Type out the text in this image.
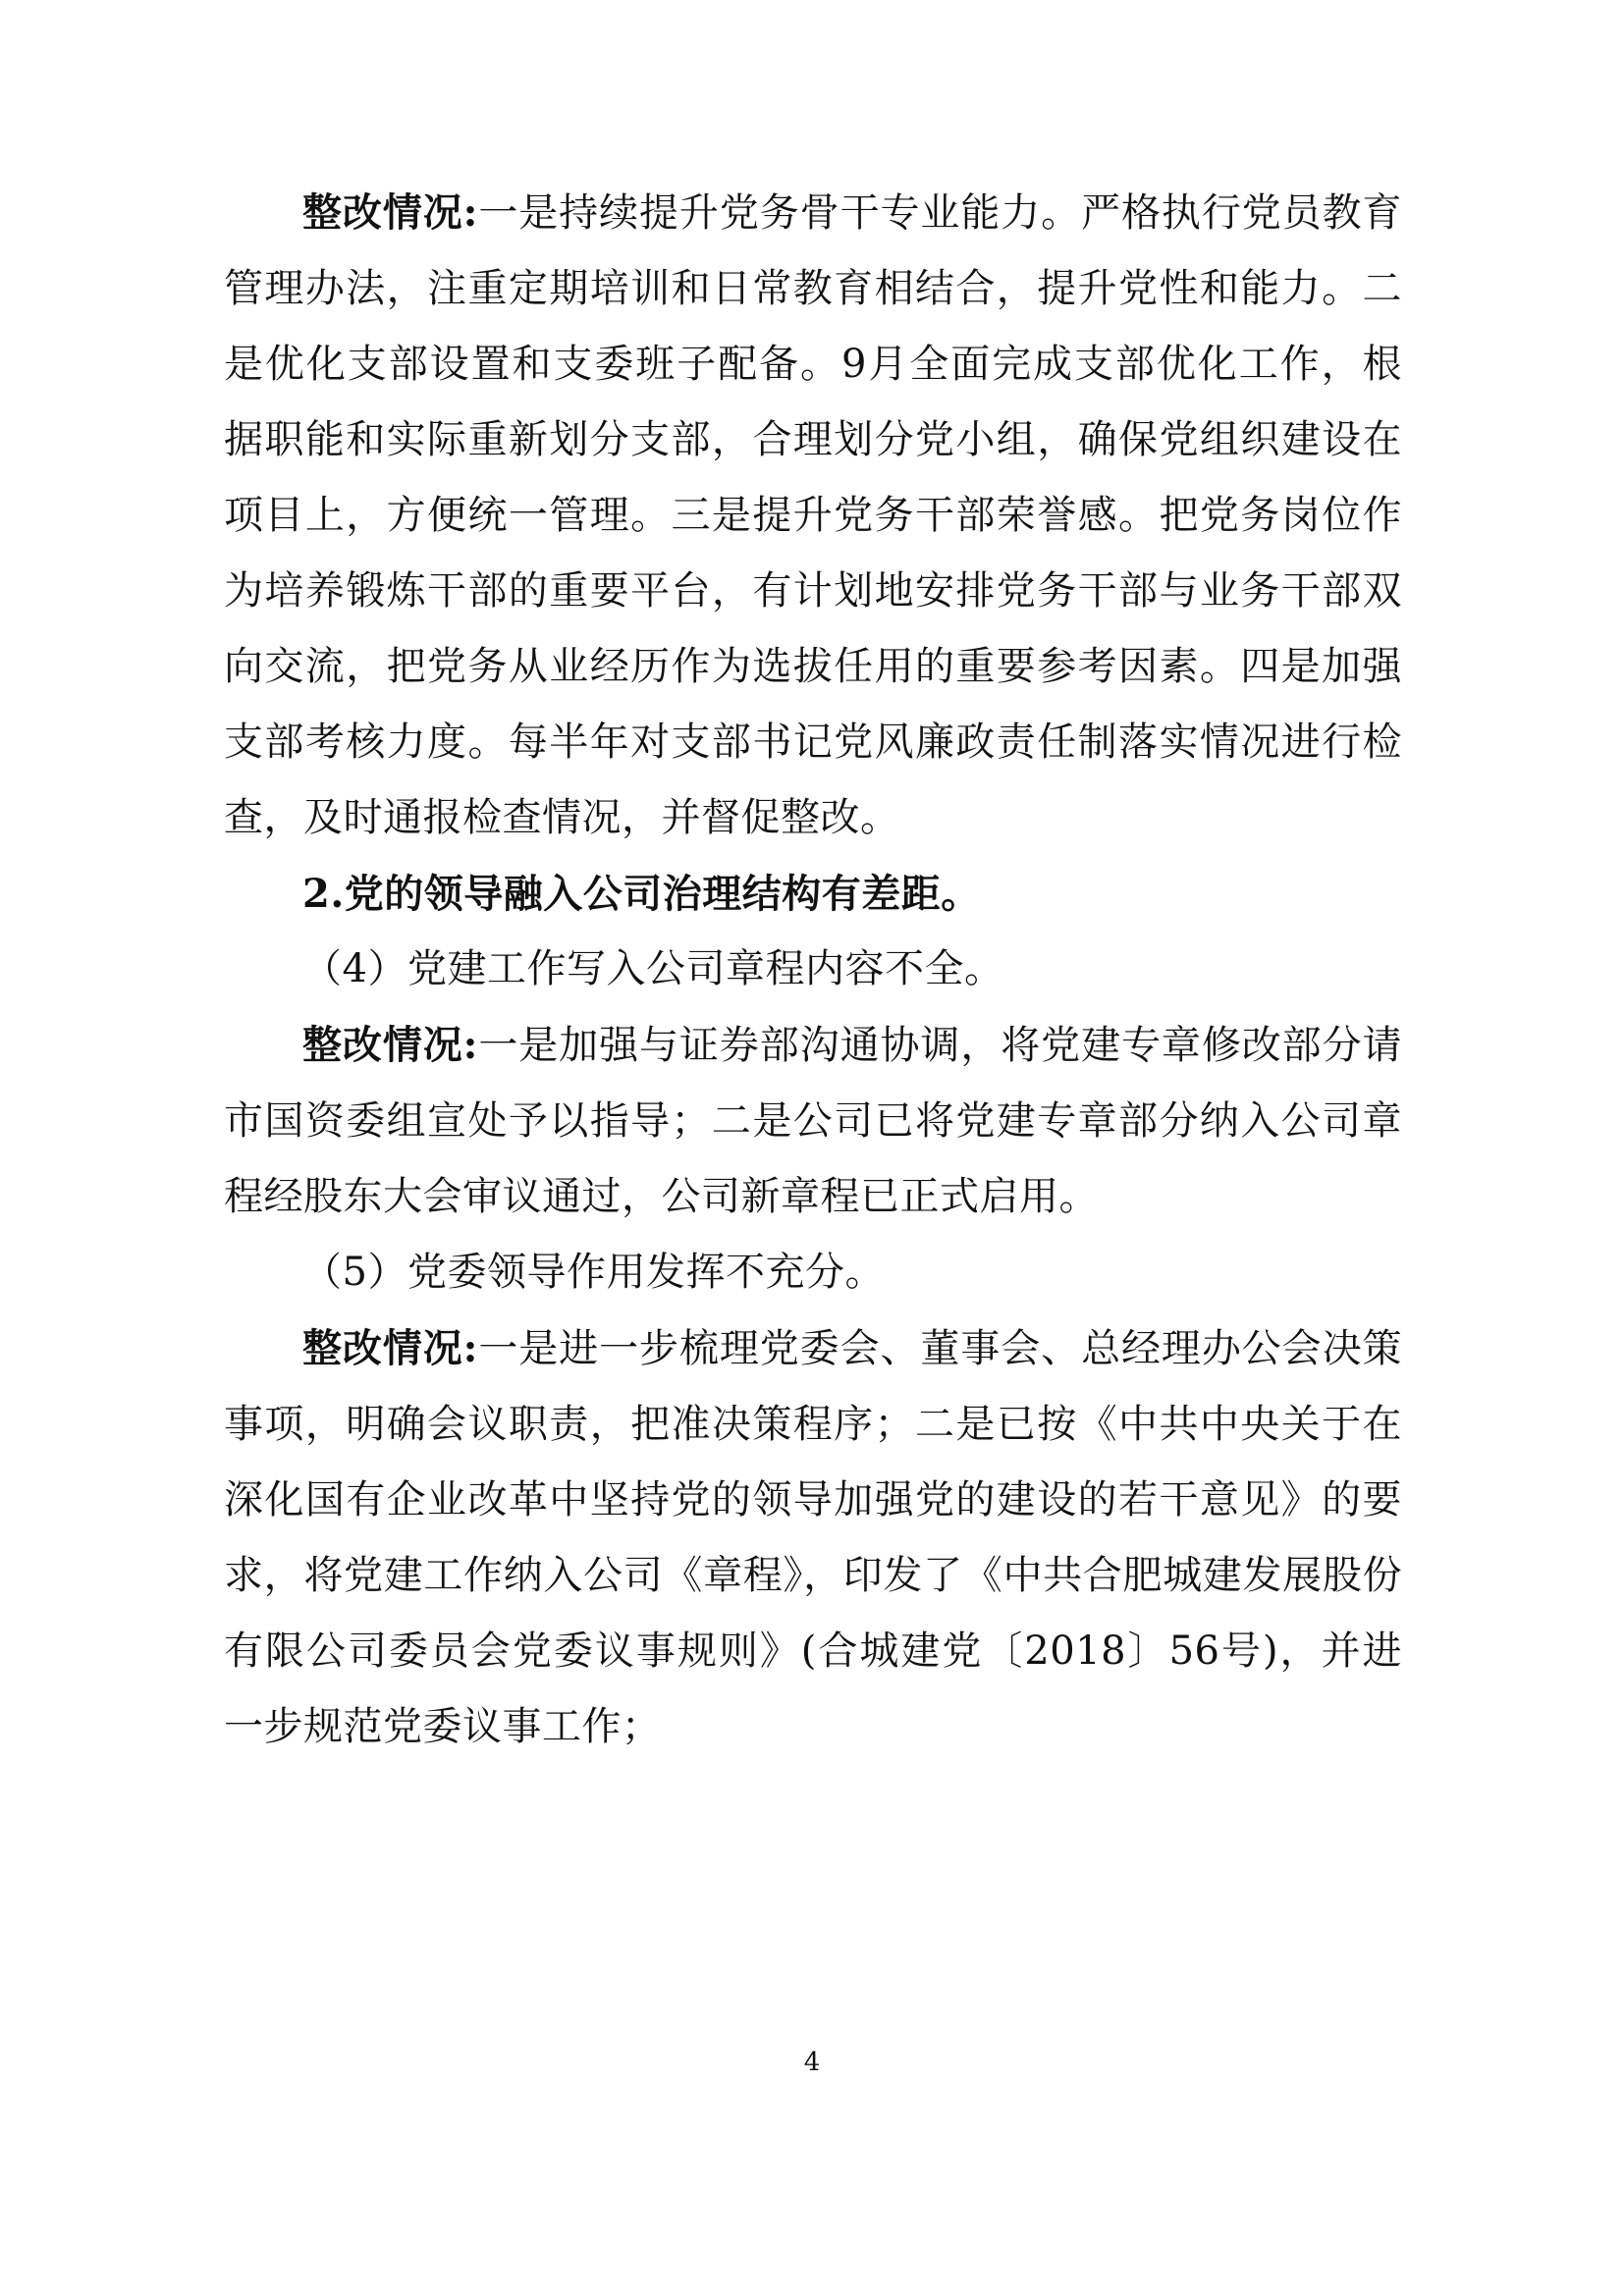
整改情况:一是持续提升党务骨干专业能力。严格执行党员教育管理办法，注重定期培训和日常教育相结合，提升党性和能力。二是优化支部设置和支委班子配备。9月全面完成支部优化工作，根据职能和实际重新划分支部，合理划分党小组，确保党组织建设在项目上，方便统一管理。三是提升党务干部荣誉感。把党务岗位作为培养锻炼干部的重要平台，有计划地安排党务干部与业务干部双向交流，把党务从业经历作为选拔任用的重要参考因素。四是加强支部考核力度。每半年对支部书记党风廉政责任制落实情况进行检查，及时通报检查情况，并督促整改。

2.党的领导融入公司治理结构有差距。

（4）党建工作写入公司章程内容不全。

整改情况:一是加强与证券部沟通协调，将党建专章修改部分请市国资委组宣处予以指导；二是公司已将党建专章部分纳入公司章程经股东大会审议通过，公司新章程已正式启用。

（5）党委领导作用发挥不充分。

整改情况:一是进一步梳理党委会、董事会、总经理办公会决策事项，明确会议职责，把准决策程序；二是已按《中共中央关于在深化国有企业改革中坚持党的领导加强党的建设的若干意见》的要求，将党建工作纳入公司《章程》，印发了《中共合肥城建发展股份有限公司委员会党委议事规则》(合城建党〔2018〕56号)，并进一步规范党委议事工作；

4
